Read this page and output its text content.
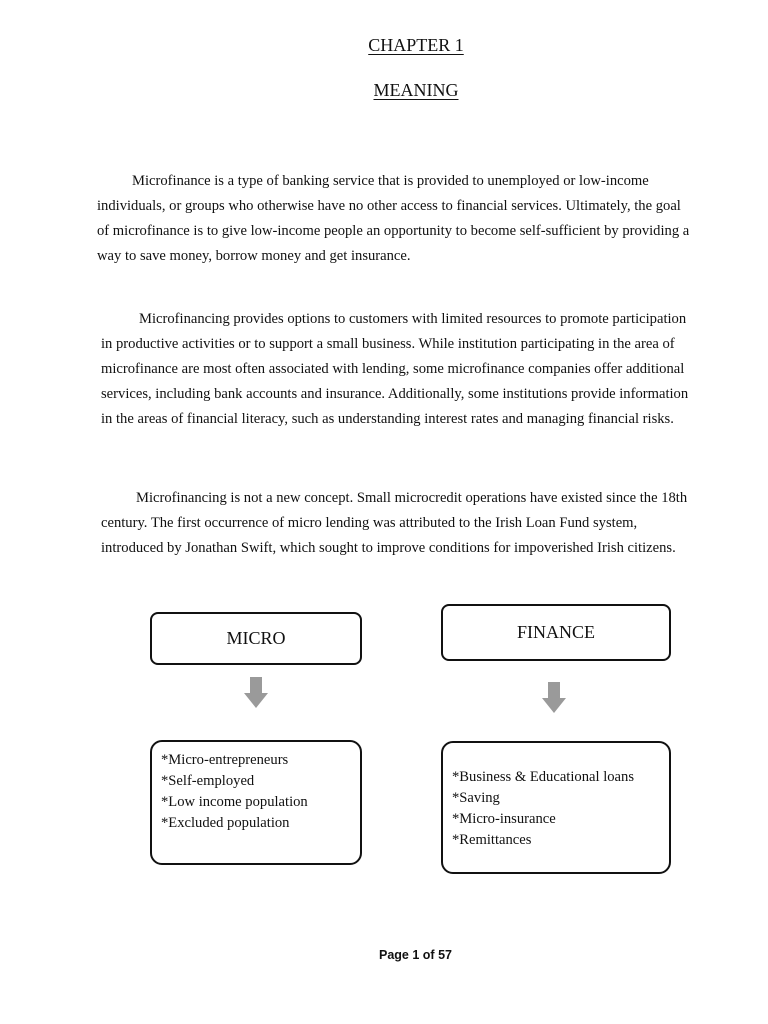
CHAPTER 1
MEANING
Microfinance is a type of banking service that is provided to unemployed or low-income
individuals, or groups who otherwise have no other access to financial services. Ultimately, the goal
of microfinance is to give low-income people an opportunity to become self-sufficient by providing a
way to save money, borrow money and get insurance.
Microfinancing provides options to customers with limited resources to promote participation
in productive activities or to support a small business. While institution participating in the area of
microfinance are most often associated with lending, some microfinance companies offer additional
services, including bank accounts and insurance. Additionally, some institutions provide information
in the areas of financial literacy, such as understanding interest rates and managing financial risks.
Microfinancing is not a new concept. Small microcredit operations have existed since the 18th
century. The first occurrence of micro lending was attributed to the Irish Loan Fund system,
introduced by Jonathan Swift, which sought to improve conditions for impoverished Irish citizens.
MICRO
*Micro-entrepreneurs
*Self-employed
*Low income population
*Excluded population
FINANCE
*Business & Educational loans
*Saving
*Micro-insurance
*Remittances
Page 1 of 57
